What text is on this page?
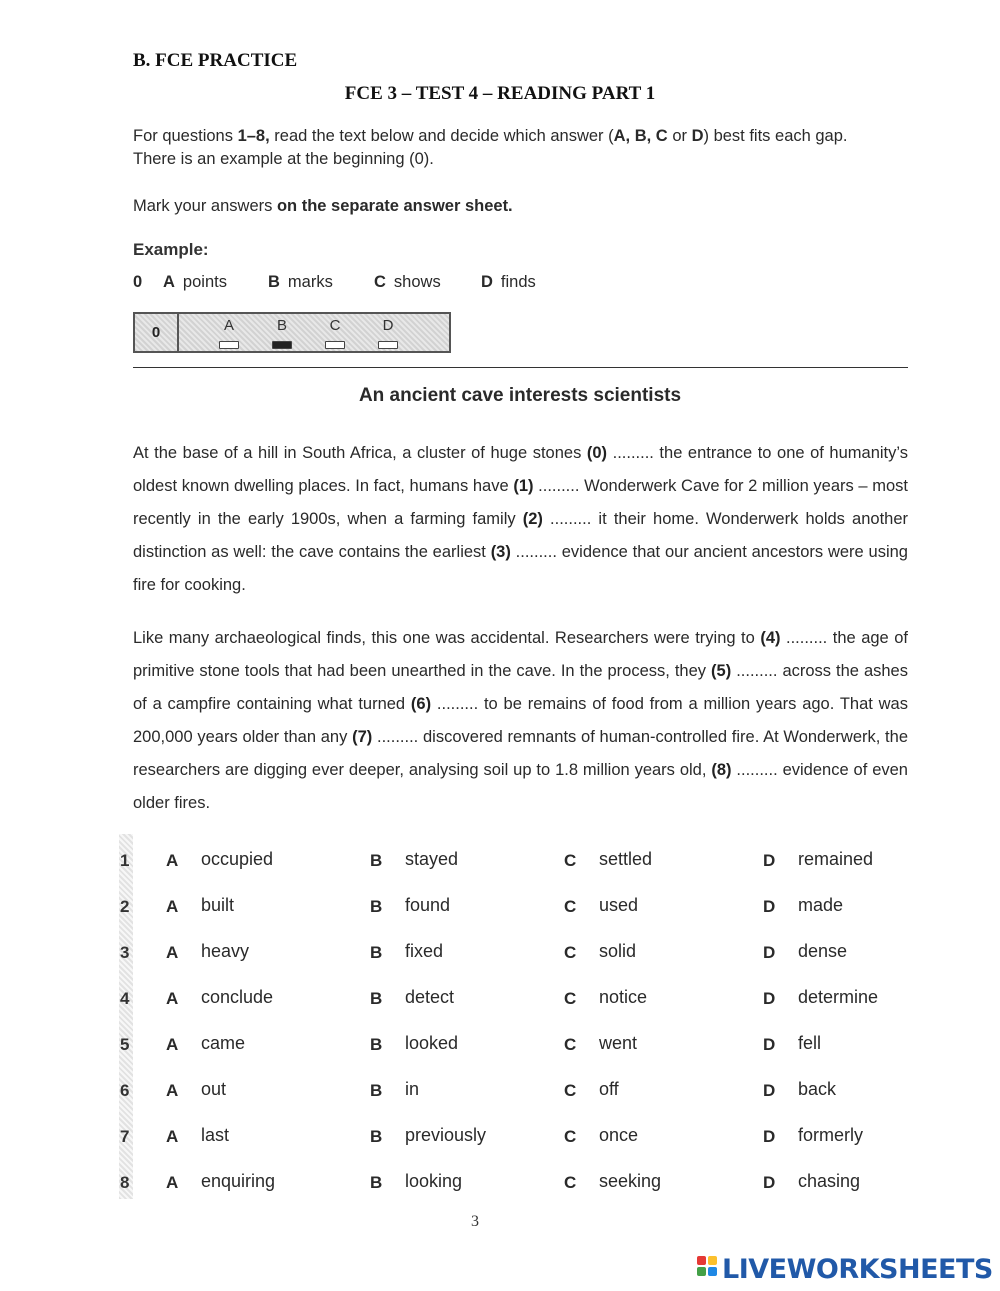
B. FCE PRACTICE
FCE 3 – TEST 4 – READING PART 1
For questions 1–8, read the text below and decide which answer (A, B, C or D) best fits each gap.
There is an example at the beginning (0).
Mark your answers on the separate answer sheet.
Example:
0 A points B marks C shows D finds
0	A	B	C	D
An ancient cave interests scientists
At the base of a hill in South Africa, a cluster of huge stones (0) ......... the entrance to one of humanity’s oldest known dwelling places. In fact, humans have (1) ......... Wonderwerk Cave for 2 million years – most recently in the early 1900s, when a farming family (2) ......... it their home. Wonderwerk holds another distinction as well: the cave contains the earliest (3) ......... evidence that our ancient ancestors were using fire for cooking.
Like many archaeological finds, this one was accidental. Researchers were trying to (4) ......... the age of primitive stone tools that had been unearthed in the cave. In the process, they (5) ......... across the ashes of a campfire containing what turned (6) ......... to be remains of food from a million years ago. That was 200,000 years older than any (7) ......... discovered remnants of human-controlled fire. At Wonderwerk, the researchers are digging ever deeper, analysing soil up to 1.8 million years old, (8) ......... evidence of even older fires.
1 A occupied	B stayed	C settled	D remained
2 A built	B found	C used	D made
3 A heavy	B fixed	C solid	D dense
4 A conclude	B detect	C notice	D determine
5 A came	B looked	C went	D fell
6 A out	B in	C off	D back
7 A last	B previously	C once	D formerly
8 A enquiring	B looking	C seeking	D chasing
3
LIVEWORKSHEETS
